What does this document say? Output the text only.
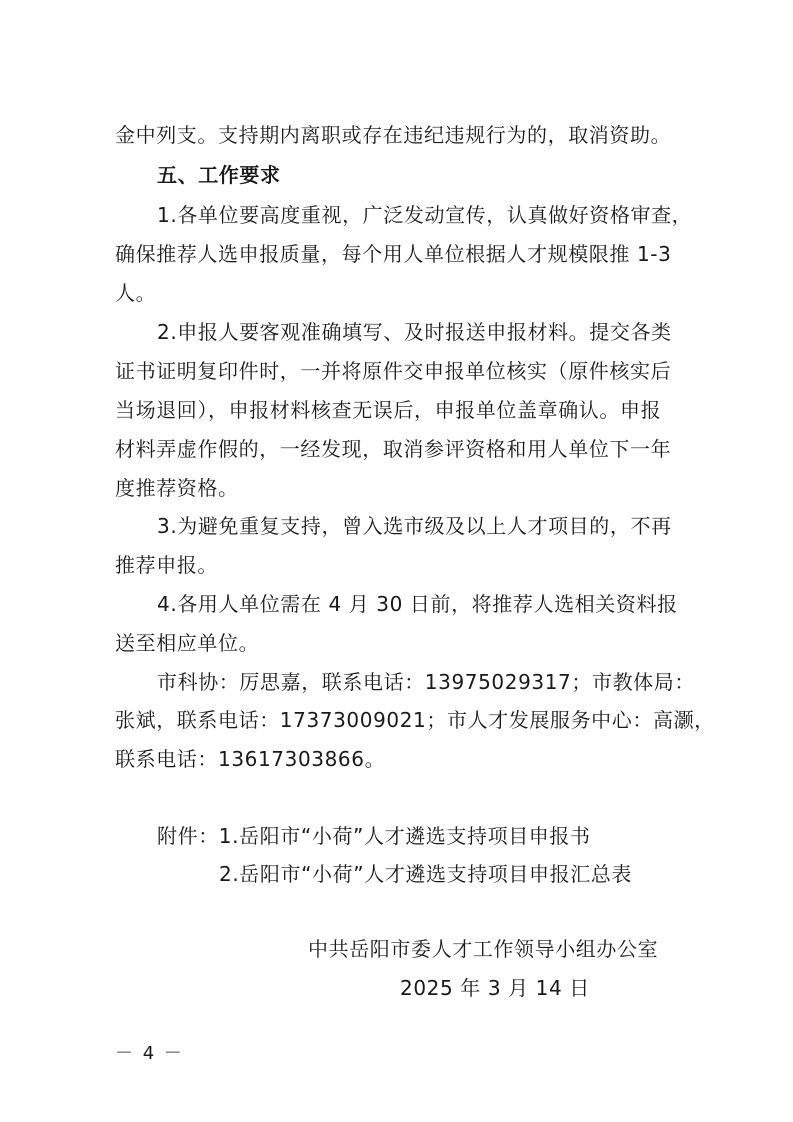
金中列支。支持期内离职或存在违纪违规行为的，取消资助。
五、工作要求
1.各单位要高度重视，广泛发动宣传，认真做好资格审查，
确保推荐人选申报质量，每个用人单位根据人才规模限推 1-3
人。
2.申报人要客观准确填写、及时报送申报材料。提交各类
证书证明复印件时，一并将原件交申报单位核实（原件核实后
当场退回），申报材料核查无误后，申报单位盖章确认。申报
材料弄虚作假的，一经发现，取消参评资格和用人单位下一年
度推荐资格。
3.为避免重复支持，曾入选市级及以上人才项目的，不再
推荐申报。
4.各用人单位需在 4 月 30 日前，将推荐人选相关资料报
送至相应单位。
市科协：厉思嘉，联系电话：13975029317；市教体局：
张斌，联系电话：17373009021；市人才发展服务中心：高灏，
联系电话：13617303866。
附件：1.岳阳市“小荷”人才遴选支持项目申报书
2.岳阳市“小荷”人才遴选支持项目申报汇总表
中共岳阳市委人才工作领导小组办公室
2025 年 3 月 14 日
－ 4 －
